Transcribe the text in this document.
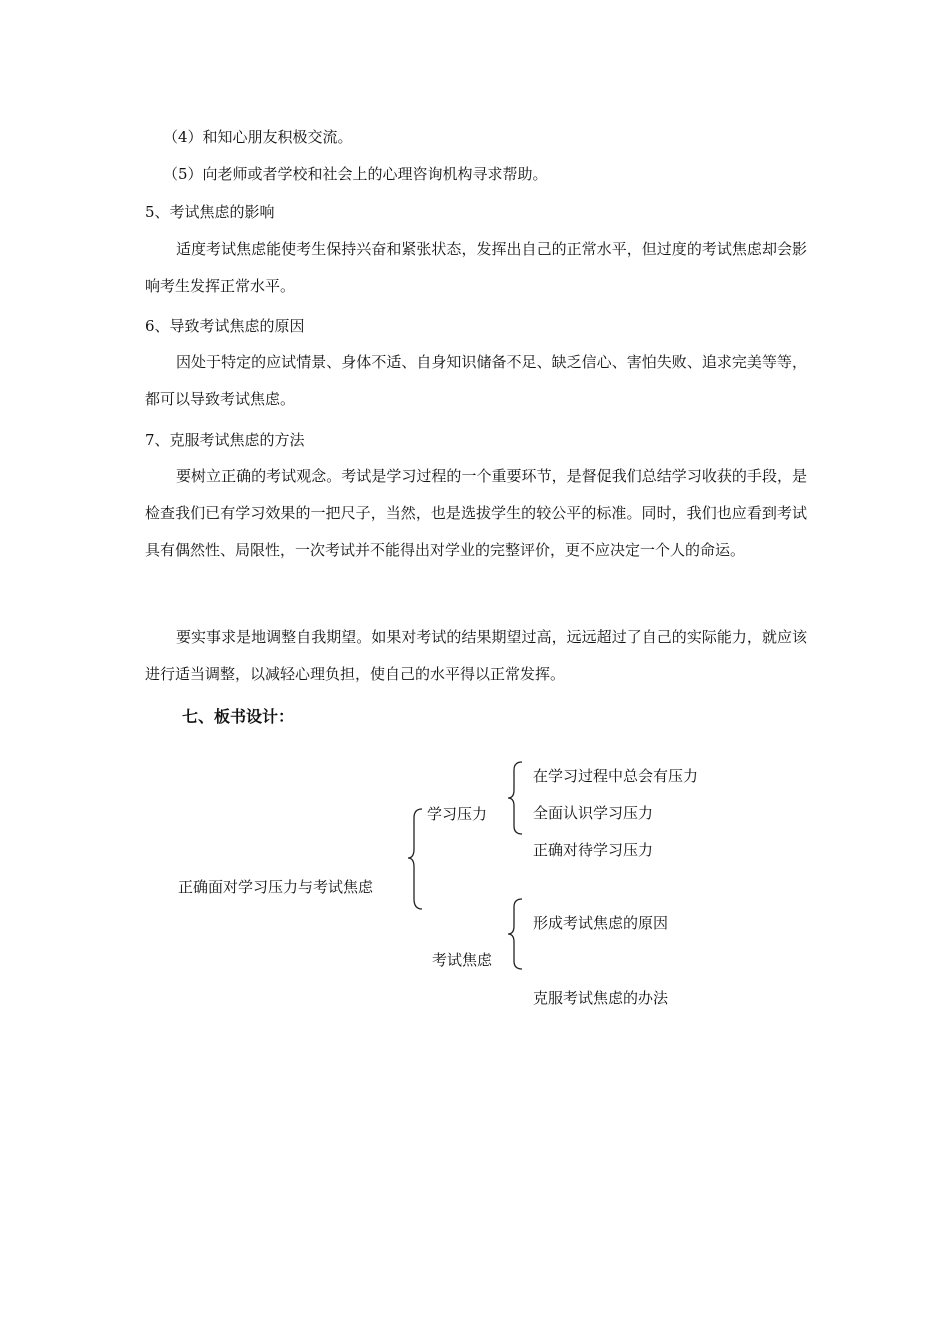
（4）和知心朋友积极交流。
（5）向老师或者学校和社会上的心理咨询机构寻求帮助。
5、考试焦虑的影响
适度考试焦虑能使考生保持兴奋和紧张状态，发挥出自己的正常水平，但过度的考试焦虑却会影响考生发挥正常水平。
6、导致考试焦虑的原因
因处于特定的应试情景、身体不适、自身知识储备不足、缺乏信心、害怕失败、追求完美等等，都可以导致考试焦虑。
7、克服考试焦虑的方法
要树立正确的考试观念。考试是学习过程的一个重要环节，是督促我们总结学习收获的手段，是检查我们已有学习效果的一把尺子，当然，也是选拔学生的较公平的标准。同时，我们也应看到考试具有偶然性、局限性，一次考试并不能得出对学业的完整评价，更不应决定一个人的命运。
要实事求是地调整自我期望。如果对考试的结果期望过高，远远超过了自己的实际能力，就应该进行适当调整，以减轻心理负担，使自己的水平得以正常发挥。
七、板书设计：
正确面对学习压力与考试焦虑
学习压力
在学习过程中总会有压力
全面认识学习压力
正确对待学习压力
考试焦虑
形成考试焦虑的原因
克服考试焦虑的办法
